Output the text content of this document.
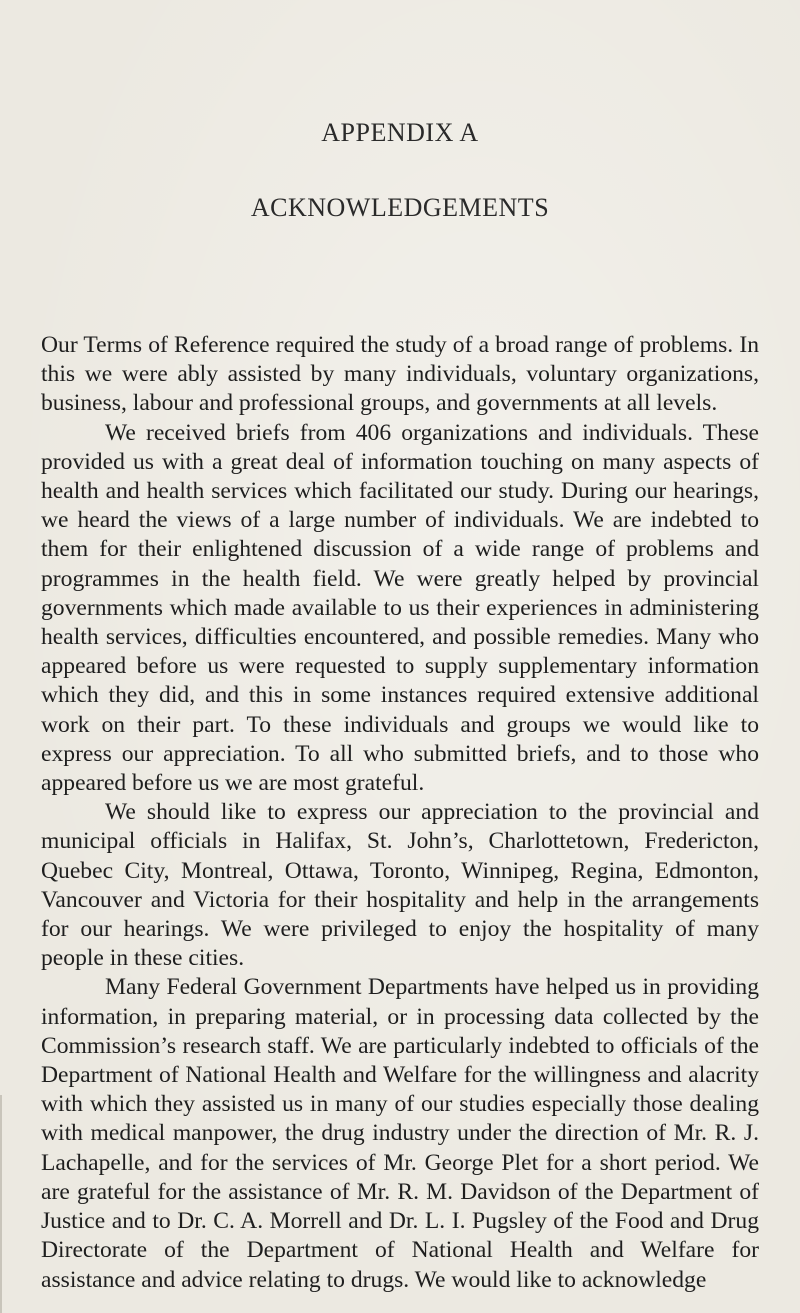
APPENDIX A
ACKNOWLEDGEMENTS

Our Terms of Reference required the study of a broad range of problems. In this we were ably assisted by many individuals, voluntary organizations, business, labour and professional groups, and governments at all levels.

We received briefs from 406 organizations and individuals. These provided us with a great deal of information touching on many aspects of health and health services which facilitated our study. During our hearings, we heard the views of a large number of individuals. We are indebted to them for their enlightened discussion of a wide range of problems and programmes in the health field. We were greatly helped by provincial governments which made available to us their experiences in administering health services, difficulties encountered, and possible remedies. Many who appeared before us were requested to supply supplementary information which they did, and this in some instances required extensive additional work on their part. To these individuals and groups we would like to express our appreciation. To all who submitted briefs, and to those who appeared before us we are most grateful.

We should like to express our appreciation to the provincial and municipal officials in Halifax, St. John’s, Charlottetown, Fredericton, Quebec City, Montreal, Ottawa, Toronto, Winnipeg, Regina, Edmonton, Vancouver and Victoria for their hospitality and help in the arrangements for our hearings. We were privileged to enjoy the hospitality of many people in these cities.

Many Federal Government Departments have helped us in providing information, in preparing material, or in processing data collected by the Commission’s research staff. We are particularly indebted to officials of the Department of National Health and Welfare for the willingness and alacrity with which they assisted us in many of our studies especially those dealing with medical manpower, the drug industry under the direction of Mr. R. J. Lachapelle, and for the services of Mr. George Plet for a short period. We are grateful for the assistance of Mr. R. M. Davidson of the Department of Justice and to Dr. C. A. Morrell and Dr. L. I. Pugsley of the Food and Drug Directorate of the Department of National Health and Welfare for assistance and advice relating to drugs. We would like to acknowledge
